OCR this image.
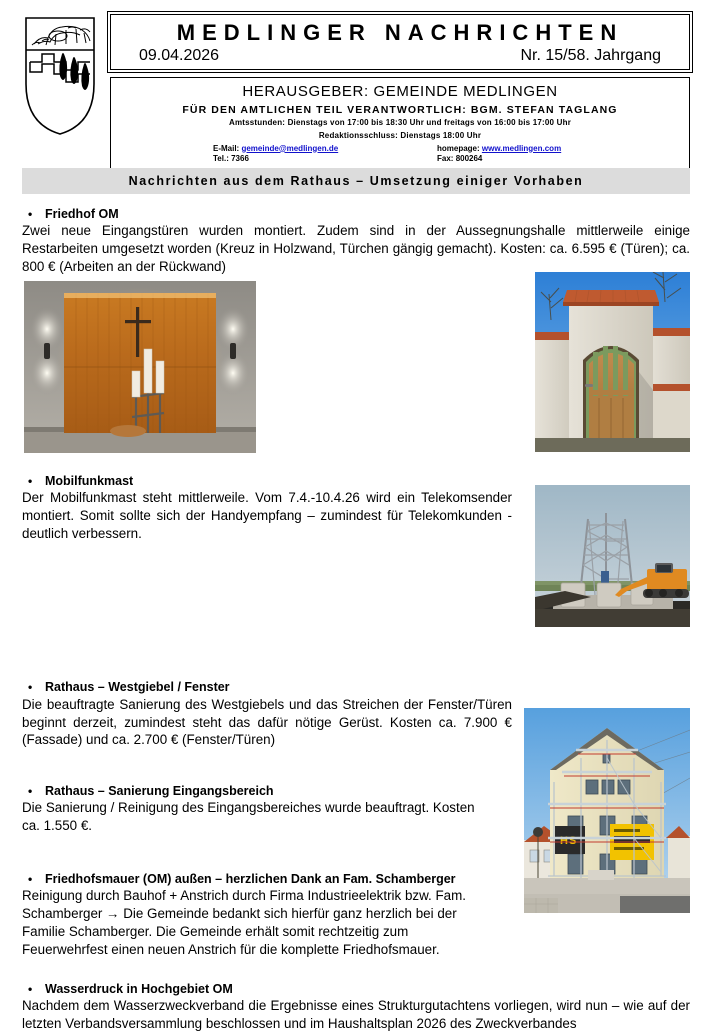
MEDLINGER NACHRICHTEN
09.04.2026	Nr. 15/58. Jahrgang
HERAUSGEBER: GEMEINDE MEDLINGEN
FÜR DEN AMTLICHEN TEIL VERANTWORTLICH: BGM. STEFAN TAGLANG
Amtsstunden: Dienstags von 17:00 bis 18:30 Uhr und freitags von 16:00 bis 17:00 Uhr
Redaktionsschluss: Dienstags 18:00 Uhr
E-Mail: gemeinde@medlingen.de	homepage: www.medlingen.com
Tel.: 7366	Fax: 800264
Nachrichten aus dem Rathaus – Umsetzung einiger Vorhaben
H S
•	Friedhof OM
Zwei neue Eingangstüren wurden montiert. Zudem sind in der Aussegnungshalle mittlerweile einige Restarbeiten umgesetzt worden (Kreuz in Holzwand, Türchen gängig gemacht). Kosten: ca. 6.595 € (Türen); ca. 800 € (Arbeiten an der Rückwand)
•	Mobilfunkmast
Der Mobilfunkmast steht mittlerweile. Vom 7.4.-10.4.26 wird ein Telekomsender montiert. Somit sollte sich der Handyempfang – zumindest für Telekomkunden - deutlich verbessern.
•	Rathaus – Westgiebel / Fenster
Die beauftragte Sanierung des Westgiebels und das Streichen der Fenster/Türen beginnt derzeit, zumindest steht das dafür nötige Gerüst. Kosten ca. 7.900 € (Fassade) und ca. 2.700 € (Fenster/Türen)
•	Rathaus – Sanierung Eingangsbereich
Die Sanierung / Reinigung des Eingangsbereiches wurde beauftragt. Kosten ca. 1.550 €.
•	Friedhofsmauer (OM) außen – herzlichen Dank an Fam. Schamberger
Reinigung durch Bauhof + Anstrich durch Firma Industrieelektrik bzw. Fam. Schamberger → Die Gemeinde bedankt sich hierfür ganz herzlich bei der Familie Schamberger. Die Gemeinde erhält somit rechtzeitig zum Feuerwehrfest einen neuen Anstrich für die komplette Friedhofsmauer.
•	Wasserdruck in Hochgebiet OM
Nachdem dem Wasserzweckverband die Ergebnisse eines Strukturgutachtens vorliegen, wird nun – wie auf der letzten Verbandsversammlung beschlossen und im Haushaltsplan 2026 des Zweckverbandes
